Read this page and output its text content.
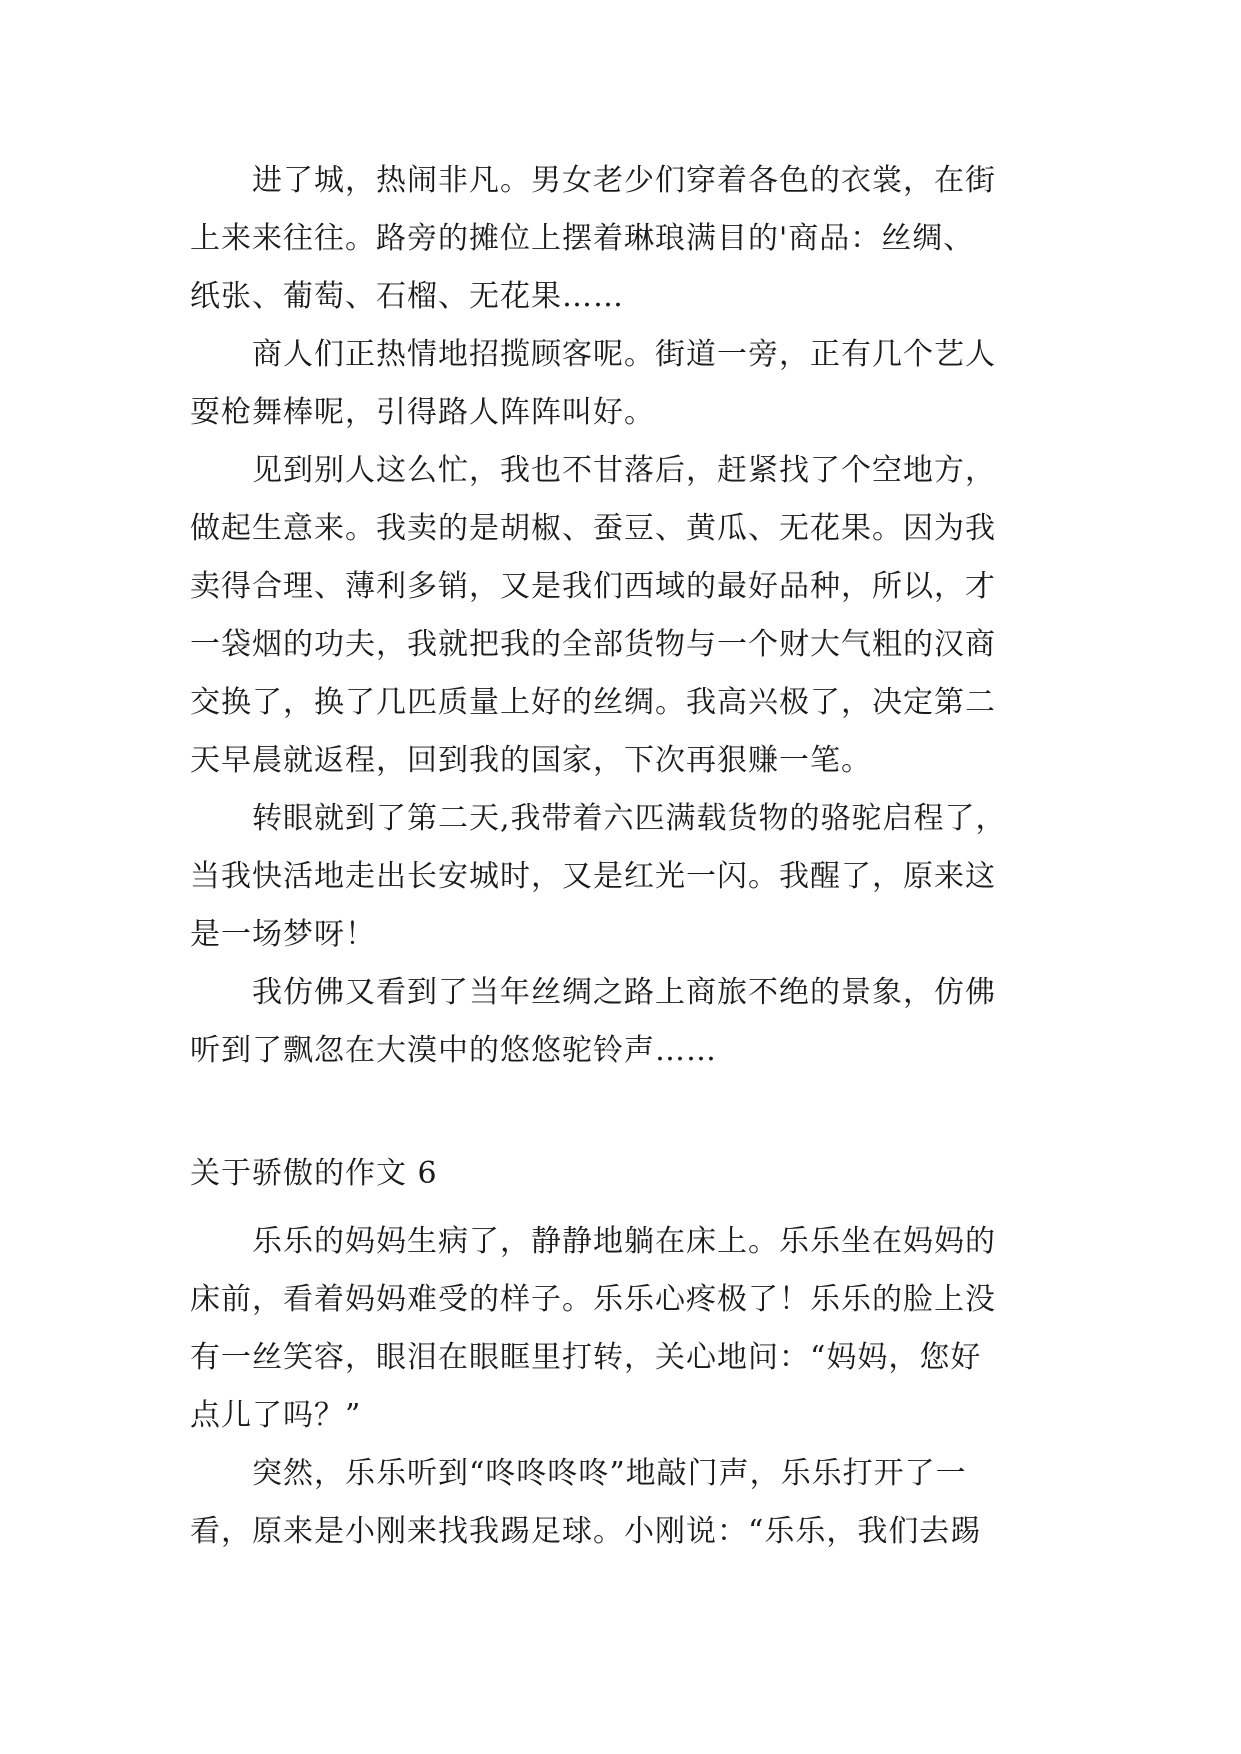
进了城，热闹非凡。男女老少们穿着各色的衣裳，在街
上来来往往。路旁的摊位上摆着琳琅满目的'商品：丝绸、
纸张、葡萄、石榴、无花果……

商人们正热情地招揽顾客呢。街道一旁，正有几个艺人
耍枪舞棒呢，引得路人阵阵叫好。

见到别人这么忙，我也不甘落后，赶紧找了个空地方，
做起生意来。我卖的是胡椒、蚕豆、黄瓜、无花果。因为我
卖得合理、薄利多销，又是我们西域的最好品种，所以，才
一袋烟的功夫，我就把我的全部货物与一个财大气粗的汉商
交换了，换了几匹质量上好的丝绸。我高兴极了，决定第二
天早晨就返程，回到我的国家，下次再狠赚一笔。

转眼就到了第二天,我带着六匹满载货物的骆驼启程了，
当我快活地走出长安城时，又是红光一闪。我醒了，原来这
是一场梦呀！

我仿佛又看到了当年丝绸之路上商旅不绝的景象，仿佛
听到了飘忽在大漠中的悠悠驼铃声……

关于骄傲的作文 6

乐乐的妈妈生病了，静静地躺在床上。乐乐坐在妈妈的
床前，看着妈妈难受的样子。乐乐心疼极了！乐乐的脸上没
有一丝笑容，眼泪在眼眶里打转，关心地问：“妈妈，您好
点儿了吗？”

突然，乐乐听到“咚咚咚咚”地敲门声，乐乐打开了一
看，原来是小刚来找我踢足球。小刚说：“乐乐，我们去踢
